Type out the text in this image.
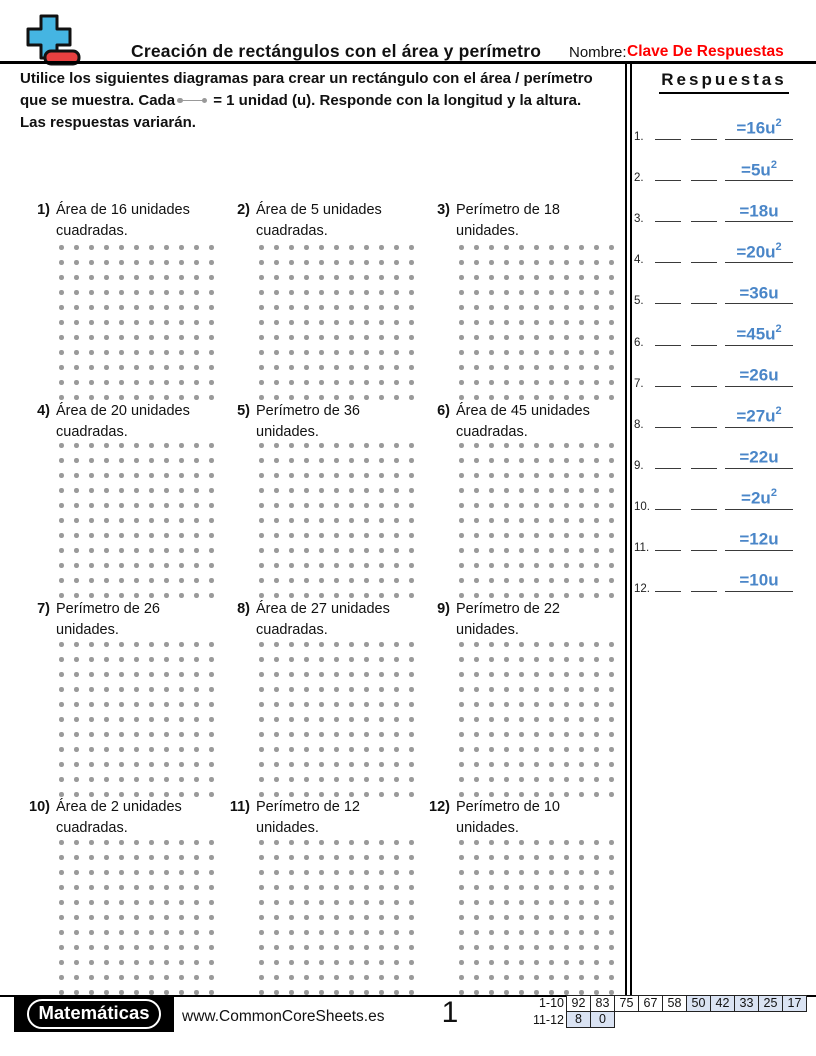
Creación de rectángulos con el área y perímetro Nombre: Clave De Respuestas
Utilice los siguientes diagramas para crear un rectángulo con el área / perímetro
que se muestra. Cada
= 1 unidad (u). Responde con la longitud y la altura.
Las respuestas variarán.
Respuestas
1.	$=16u^2$
2.	$=5u^2$
3.	=18u
4.	$=20u^2$
5.	=36u
6.	$=45u^2$
7.	=26u
8.	$=27u^2$
9.	=22u
10.	$=2u^2$
11.	=12u
12.	=10u
1) Área de 16 unidades cuadradas.
2) Área de 5 unidades cuadradas.
3) Perímetro de 18 unidades.
4) Área de 20 unidades cuadradas.
5) Perímetro de 36 unidades.
6) Área de 45 unidades cuadradas.
7) Perímetro de 26 unidades.
8) Área de 27 unidades cuadradas.
9) Perímetro de 22 unidades.
10) Área de 2 unidades cuadradas.
11) Perímetro de 12 unidades.
12) Perímetro de 10 unidades.
Matemáticas	www.CommonCoreSheets.es	1	1-10 92 83 75 67 58 50 42 33 25 17
11-12 8	0
